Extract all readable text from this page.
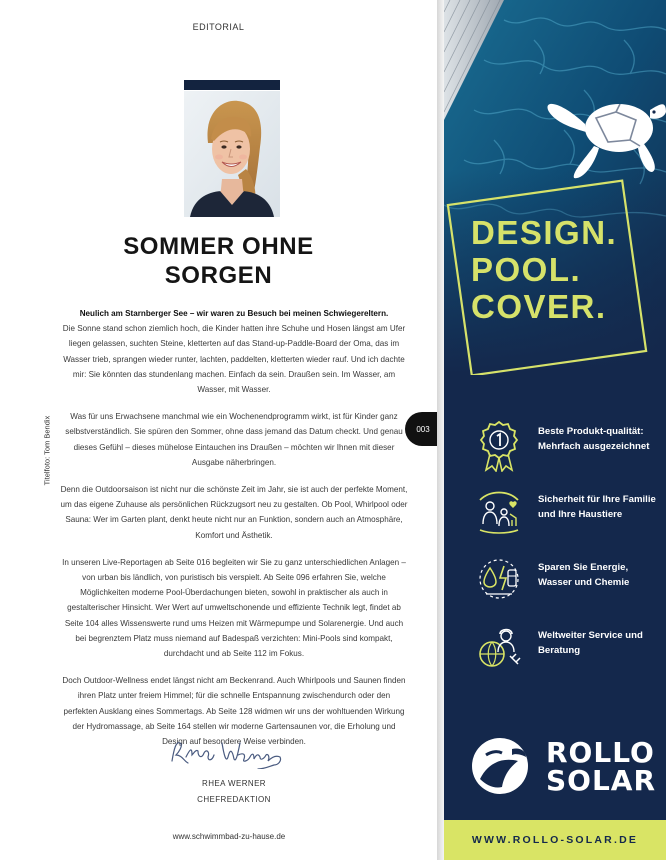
EDITORIAL
SOMMER OHNE
SORGEN

Neulich am Starnberger See – wir waren zu Besuch bei meinen Schwiegereltern.

Die Sonne stand schon ziemlich hoch, die Kinder hatten ihre Schuhe und Hosen längst am Ufer liegen gelassen, suchten Steine, kletterten auf das Stand-up-Paddle-Board der Oma, das im Wasser trieb, sprangen wieder runter, lachten, paddelten, kletterten wieder rauf. Und ich dachte mir: Sie könnten das stundenlang machen. Einfach da sein. Draußen sein. Im Wasser, am Wasser, mit Wasser.

Was für uns Erwachsene manchmal wie ein Wochenendprogramm wirkt, ist für Kinder ganz selbstverständlich. Sie spüren den Sommer, ohne dass jemand das Datum checkt. Und genau dieses Gefühl – dieses mühelose Eintauchen ins Draußen – möchten wir Ihnen mit dieser Ausgabe näherbringen.

Denn die Outdoorsaison ist nicht nur die schönste Zeit im Jahr, sie ist auch der perfekte Moment, um das eigene Zuhause als persönlichen Rückzugsort neu zu gestalten. Ob Pool, Whirlpool oder Sauna: Wer im Garten plant, denkt heute nicht nur an Funktion, sondern auch an Atmosphäre, Komfort und Ästhetik.

In unseren Live-Reportagen ab Seite 016 begleiten wir Sie zu ganz unterschiedlichen Anlagen – von urban bis ländlich, von puristisch bis verspielt. Ab Seite 096 erfahren Sie, welche Möglichkeiten moderne Pool-Überdachungen bieten, sowohl in praktischer als auch in gestalterischer Hinsicht. Wer Wert auf umweltschonende und effiziente Technik legt, findet ab Seite 104 alles Wissenswerte rund ums Heizen mit Wärmepumpe und Solarenergie. Und auch bei begrenztem Platz muss niemand auf Badespaß verzichten: Mini-Pools sind kompakt, durchdacht und ab Seite 112 im Fokus.

Doch Outdoor-Wellness endet längst nicht am Beckenrand. Auch Whirlpools und Saunen finden ihren Platz unter freiem Himmel; für die schnelle Entspannung zwischendurch oder den perfekten Ausklang eines Sommertags. Ab Seite 128 widmen wir uns der wohltuenden Wirkung der Hydromassage, ab Seite 164 stellen wir moderne Gartensaunen vor, die Erholung und Design auf besondere Weise verbinden.

RHEA WERNER
CHEFREDAKTION
www.schwimmbad-zu-hause.de
Titelfoto: Tom Bendix	003
DESIGN.
POOL.
COVER.
Beste Produkt-qualität: Mehrfach ausgezeichnet
Sicherheit für Ihre Familie und Ihre Haustiere
Sparen Sie Energie, Wasser und Chemie
Weltweiter Service und Beratung
ROLLO
SOLAR
WWW.ROLLO-SOLAR.DE
